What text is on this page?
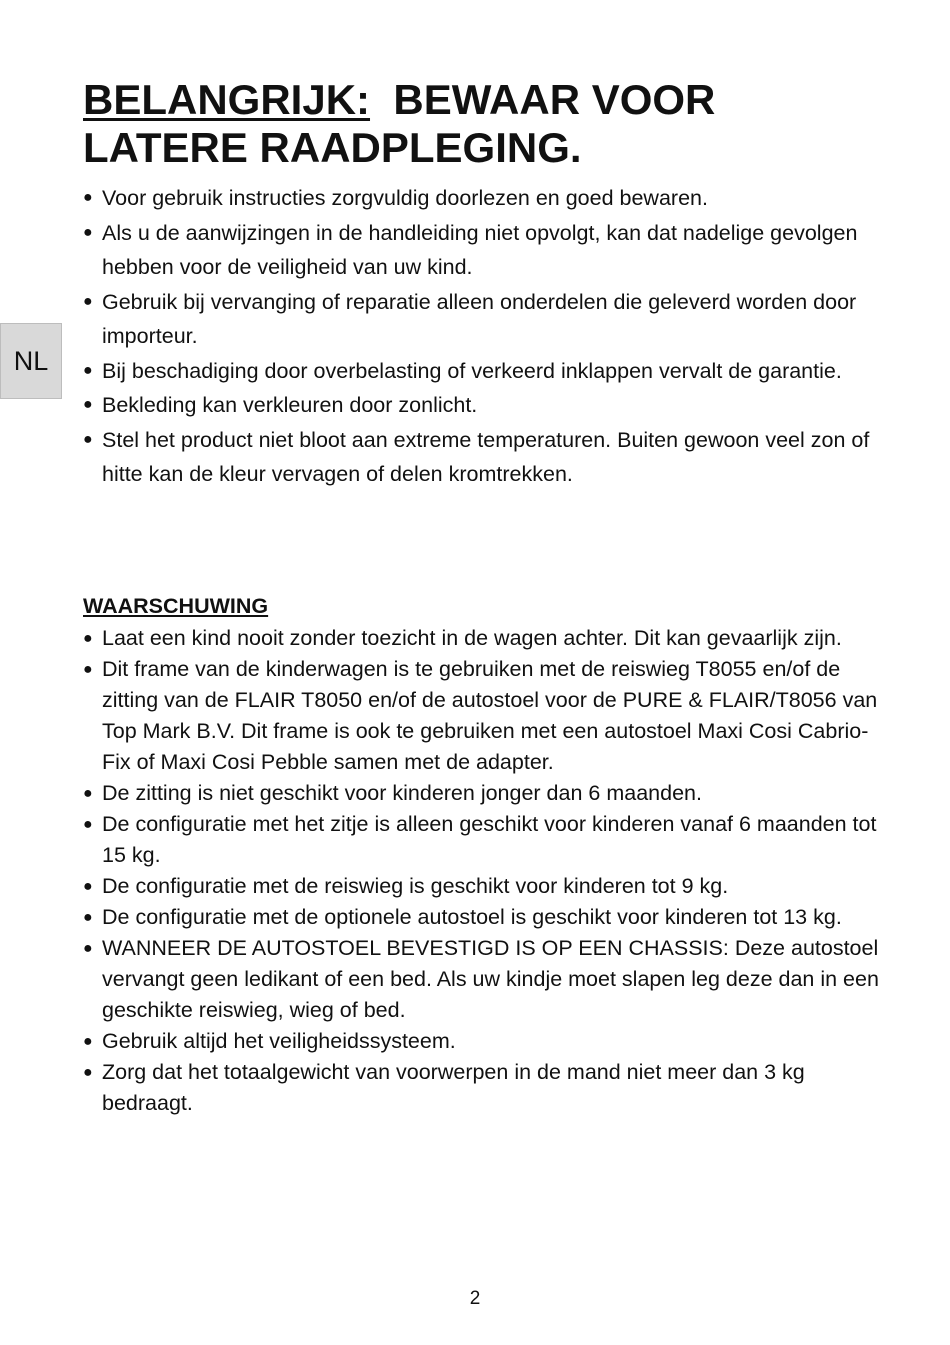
NL
BELANGRIJK: BEWAAR VOOR
LATERE RAADPLEGING.
● Voor gebruik instructies zorgvuldig doorlezen en goed bewaren.
● Als u de aanwijzingen in de handleiding niet opvolgt, kan dat nadelige gevolgen hebben voor de veiligheid van uw kind.
● Gebruik bij vervanging of reparatie alleen onderdelen die geleverd worden door importeur.
● Bij beschadiging door overbelasting of verkeerd inklappen vervalt de garantie.
● Bekleding kan verkleuren door zonlicht.
● Stel het product niet bloot aan extreme temperaturen. Buiten gewoon veel zon of hitte kan de kleur vervagen of delen kromtrekken.
WAARSCHUWING
● Laat een kind nooit zonder toezicht in de wagen achter. Dit kan gevaarlijk zijn.
● Dit frame van de kinderwagen is te gebruiken met de reiswieg T8055 en/of de zitting van de FLAIR T8050 en/of de autostoel voor de PURE & FLAIR/T8056 van Top Mark B.V. Dit frame is ook te gebruiken met een autostoel Maxi Cosi Cabrio-Fix of Maxi Cosi Pebble samen met de adapter.
● De zitting is niet geschikt voor kinderen jonger dan 6 maanden.
● De configuratie met het zitje is alleen geschikt voor kinderen vanaf 6 maanden tot 15 kg.
● De configuratie met de reiswieg is geschikt voor kinderen tot 9 kg.
● De configuratie met de optionele autostoel is geschikt voor kinderen tot 13 kg.
● WANNEER DE AUTOSTOEL BEVESTIGD IS OP EEN CHASSIS: Deze autostoel vervangt geen ledikant of een bed. Als uw kindje moet slapen leg deze dan in een geschikte reiswieg, wieg of bed.
● Gebruik altijd het veiligheidssysteem.
● Zorg dat het totaalgewicht van voorwerpen in de mand niet meer dan 3 kg bedraagt.
2
